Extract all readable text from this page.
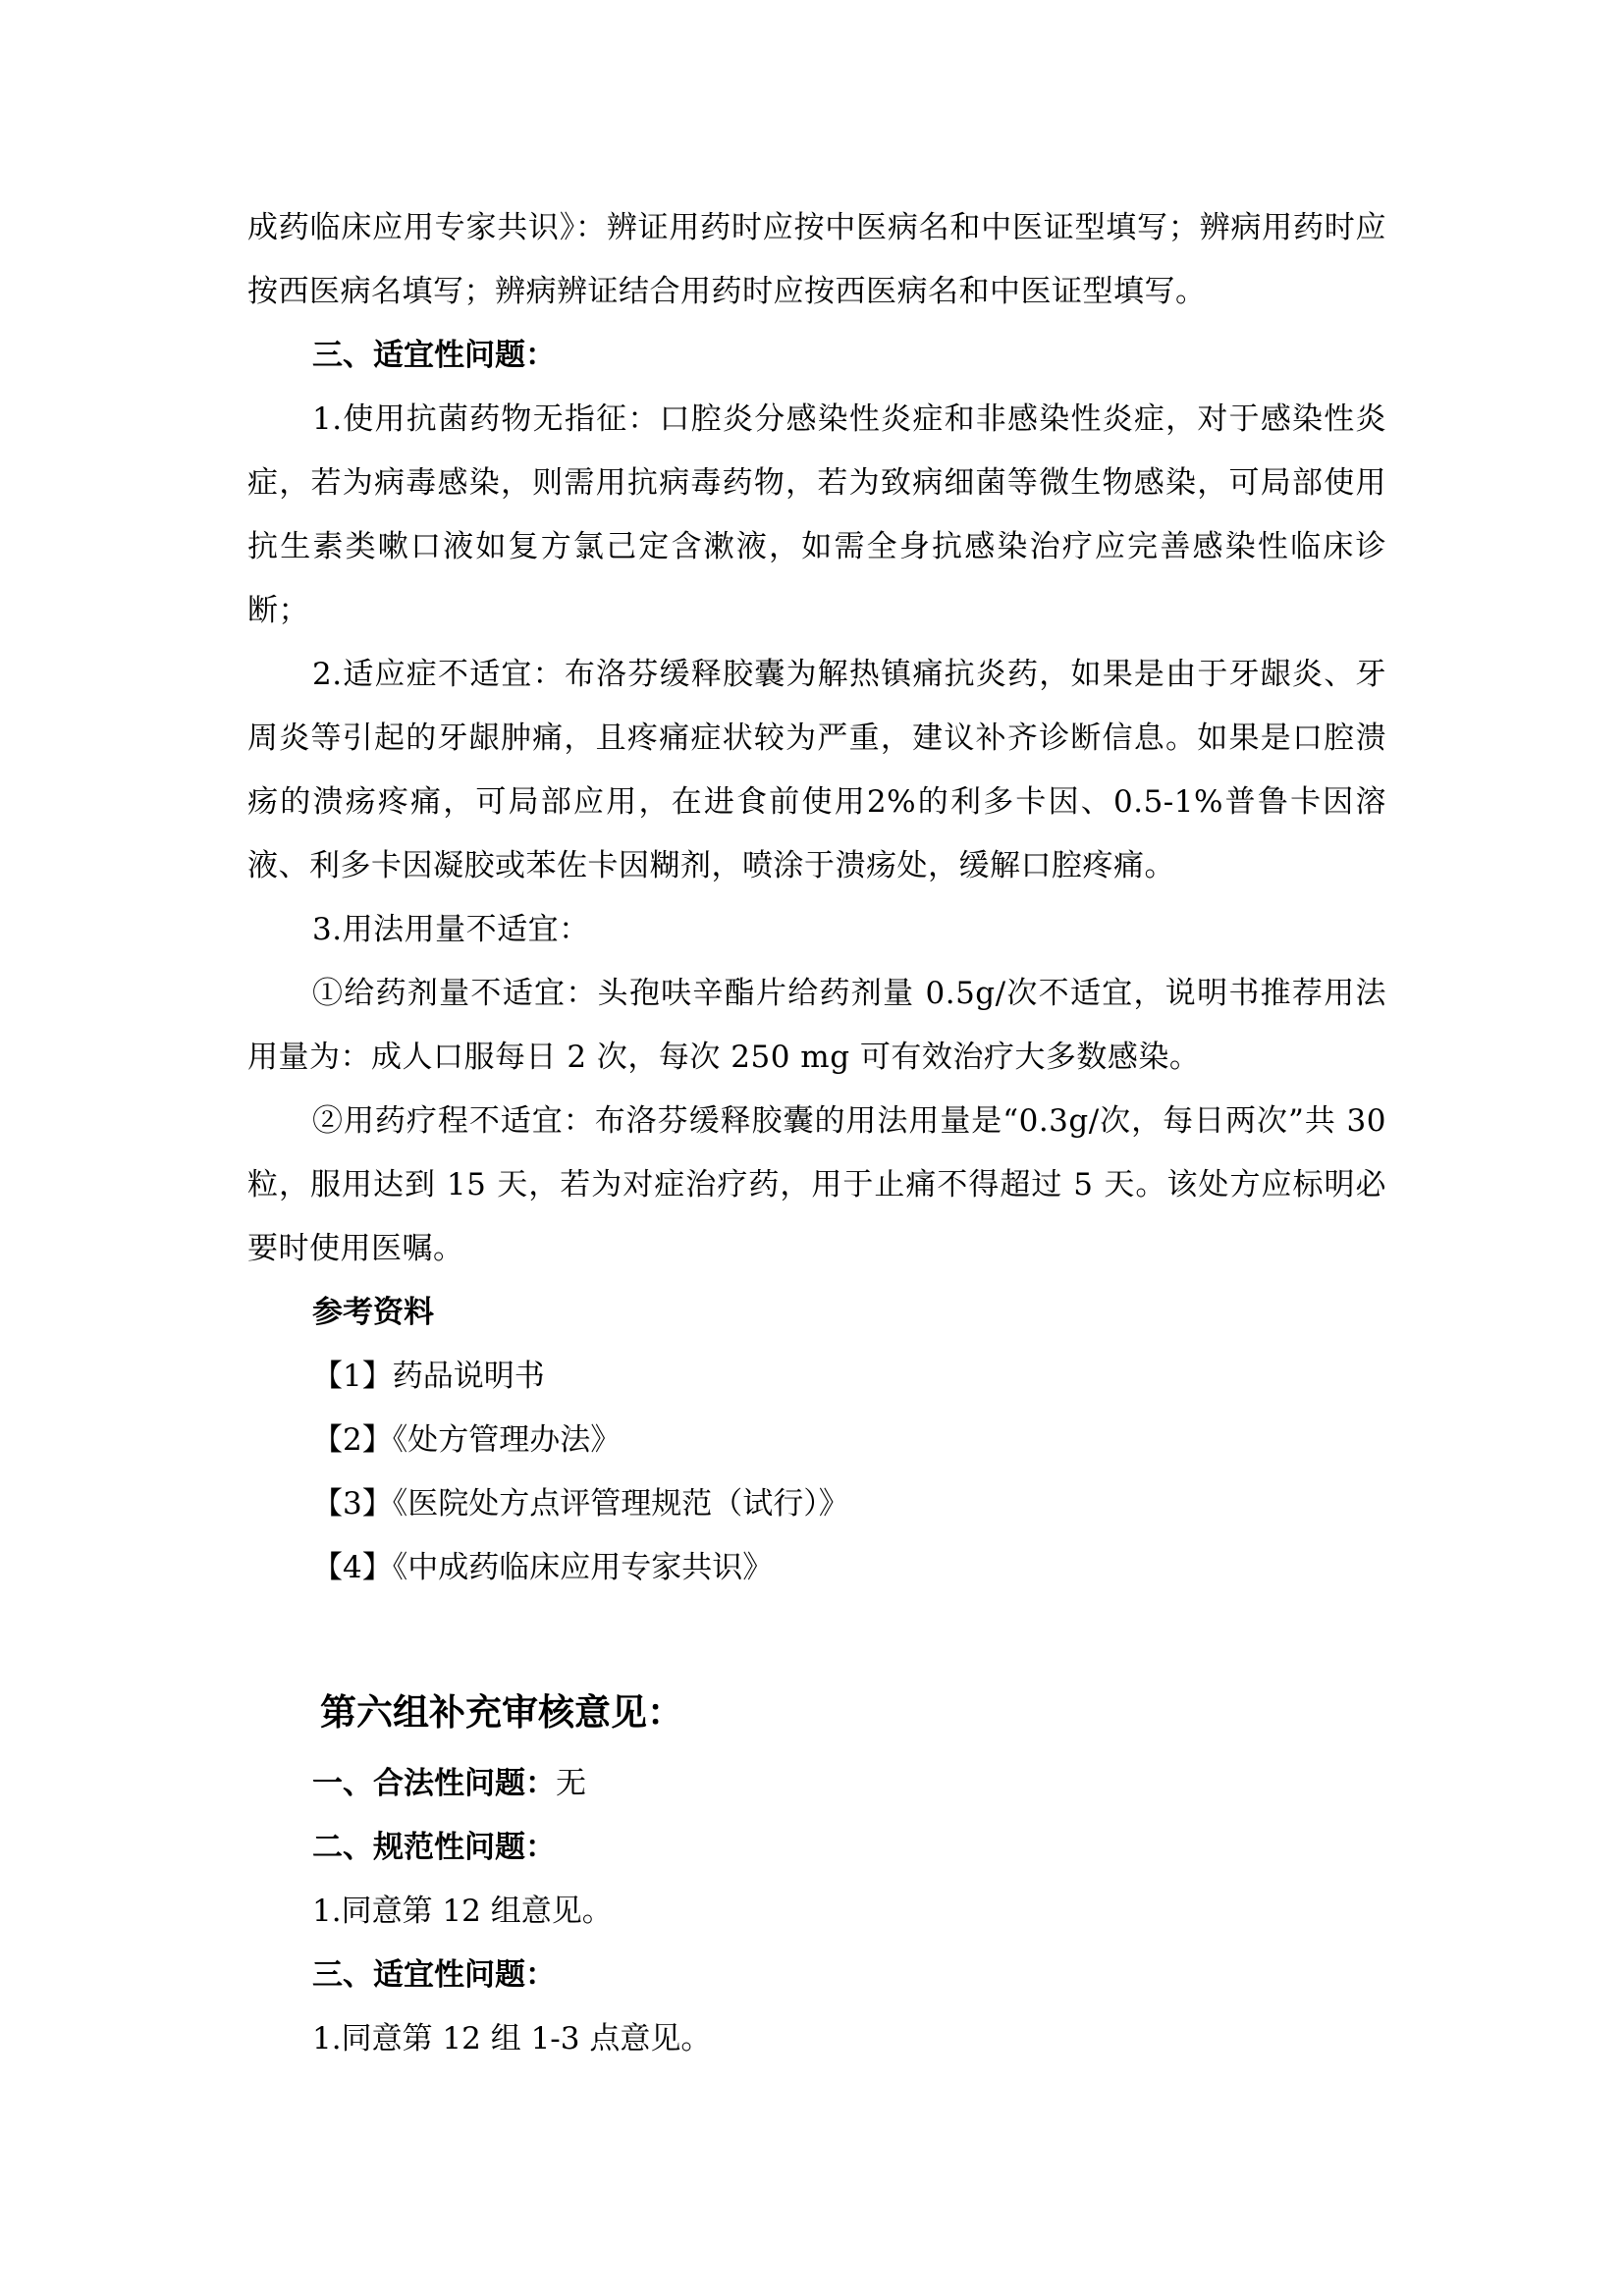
成药临床应用专家共识》：辨证用药时应按中医病名和中医证型填写；辨病用药时应按西医病名填写；辨病辨证结合用药时应按西医病名和中医证型填写。

三、适宜性问题：

1.使用抗菌药物无指征：口腔炎分感染性炎症和非感染性炎症，对于感染性炎症，若为病毒感染，则需用抗病毒药物，若为致病细菌等微生物感染，可局部使用抗生素类嗽口液如复方氯己定含漱液，如需全身抗感染治疗应完善感染性临床诊断；

2.适应症不适宜：布洛芬缓释胶囊为解热镇痛抗炎药，如果是由于牙龈炎、牙周炎等引起的牙龈肿痛，且疼痛症状较为严重，建议补齐诊断信息。如果是口腔溃疡的溃疡疼痛，可局部应用，在进食前使用2%的利多卡因、0.5-1%普鲁卡因溶液、利多卡因凝胶或苯佐卡因糊剂，喷涂于溃疡处，缓解口腔疼痛。

3.用法用量不适宜：

①给药剂量不适宜：头孢呋辛酯片给药剂量 0.5g/次不适宜，说明书推荐用法用量为：成人口服每日 2 次，每次 250 mg 可有效治疗大多数感染。

②用药疗程不适宜：布洛芬缓释胶囊的用法用量是“0.3g/次，每日两次”共 30 粒，服用达到 15 天，若为对症治疗药，用于止痛不得超过 5 天。该处方应标明必要时使用医嘱。

参考资料

【1】药品说明书

【2】《处方管理办法》

【3】《医院处方点评管理规范（试行）》

【4】《中成药临床应用专家共识》

第六组补充审核意见：

一、合法性问题：无

二、规范性问题：

1.同意第 12 组意见。

三、适宜性问题：

1.同意第 12 组 1-3 点意见。
